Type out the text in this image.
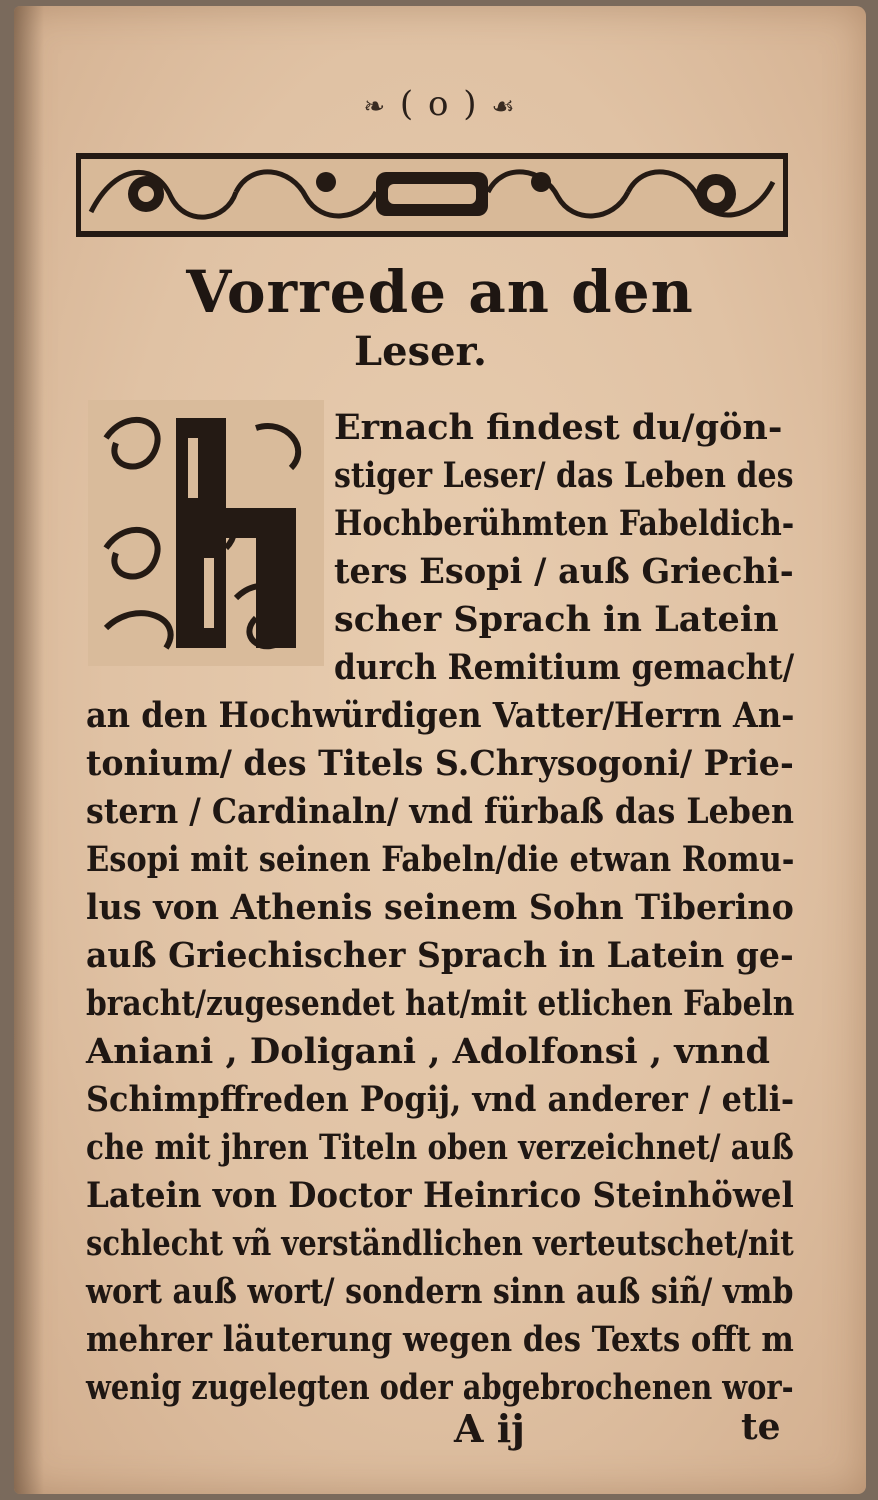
❧ ( o ) ☙
Vorrede an den
Leser.
Ernach findest du/gön-
stiger Leser/ das Leben des
Hochberühmten Fabeldich-
ters Esopi / auß Griechi-
scher Sprach in Latein
durch Remitium gemacht/
an den Hochwürdigen Vatter/Herrn An-
tonium/ des Titels S.Chrysogoni/ Prie-
stern / Cardinaln/ vnd fürbaß das Leben
Esopi mit seinen Fabeln/die etwan Romu-
lus von Athenis seinem Sohn Tiberino
auß Griechischer Sprach in Latein ge-
bracht/zugesendet hat/mit etlichen Fabeln
Aniani , Doligani , Adolfonsi , vnnd
Schimpffreden Pogij, vnd anderer / etli-
che mit jhren Titeln oben verzeichnet/ auß
Latein von Doctor Heinrico Steinhöwel
schlecht vñ verständlichen verteutschet/nit
wort auß wort/ sondern sinn auß siñ/ vmb
mehrer läuterung wegen des Texts offt m
wenig zugelegten oder abgebrochenen wor-
A ij	te
